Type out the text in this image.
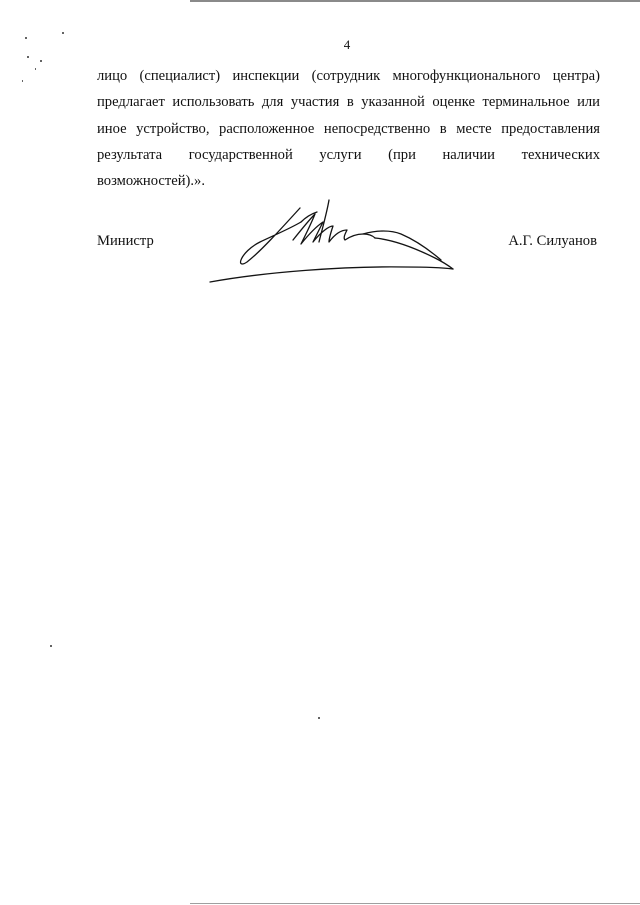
4
лицо (специалист) инспекции (сотрудник многофункционального центра)
предлагает использовать для участия в указанной оценке терминальное или
иное устройство, расположенное непосредственно в месте предоставления
результата государственной услуги (при наличии технических
возможностей).».
Министр	А.Г. Силуанов
